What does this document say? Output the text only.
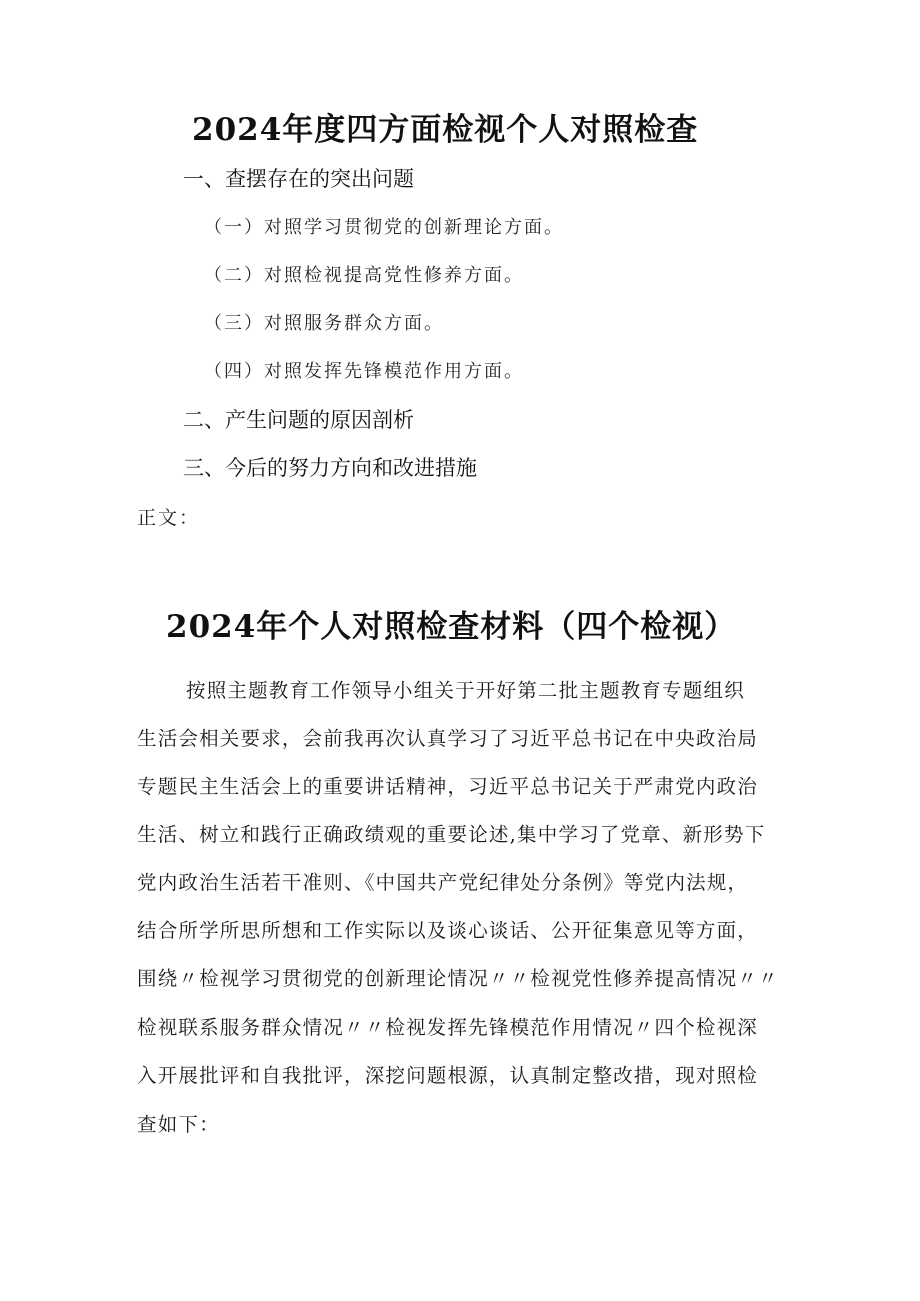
2024年度四方面检视个人对照检查
一、查摆存在的突出问题
（一）对照学习贯彻党的创新理论方面。
（二）对照检视提高党性修养方面。
（三）对照服务群众方面。
（四）对照发挥先锋模范作用方面。
二、产生问题的原因剖析
三、今后的努力方向和改进措施
正文：
2024年个人对照检查材料（四个检视）
按照主题教育工作领导小组关于开好第二批主题教育专题组织
生活会相关要求，会前我再次认真学习了习近平总书记在中央政治局
专题民主生活会上的重要讲话精神，习近平总书记关于严肃党内政治
生活、树立和践行正确政绩观的重要论述,集中学习了党章、新形势下
党内政治生活若干准则、《中国共产党纪律处分条例》等党内法规，
结合所学所思所想和工作实际以及谈心谈话、公开征集意见等方面，
围绕〃检视学习贯彻党的创新理论情况〃〃检视党性修养提高情况〃〃
检视联系服务群众情况〃〃检视发挥先锋模范作用情况〃四个检视深
入开展批评和自我批评，深挖问题根源，认真制定整改措，现对照检
查如下：
